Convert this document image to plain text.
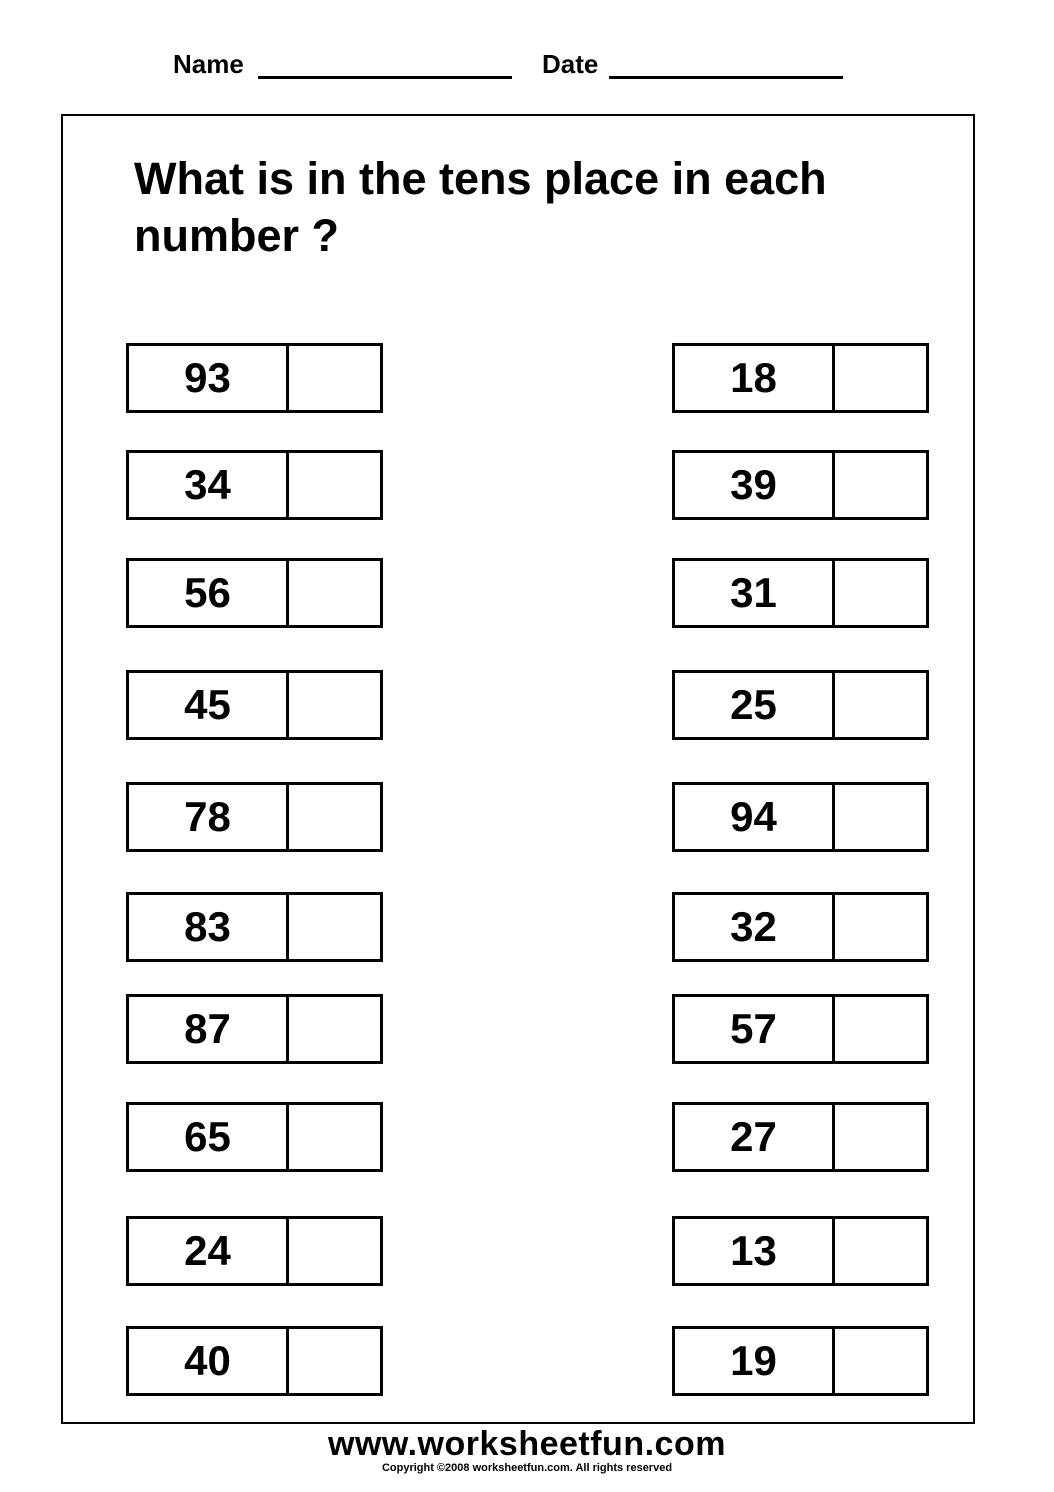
Name	Date

What is in the tens place in each number ?

93
34
56
45
78
83
87
65
24
40
18
39
31
25
94
32
57
27
13
19
www.worksheetfun.com
Copyright ©2008 worksheetfun.com. All rights reserved
